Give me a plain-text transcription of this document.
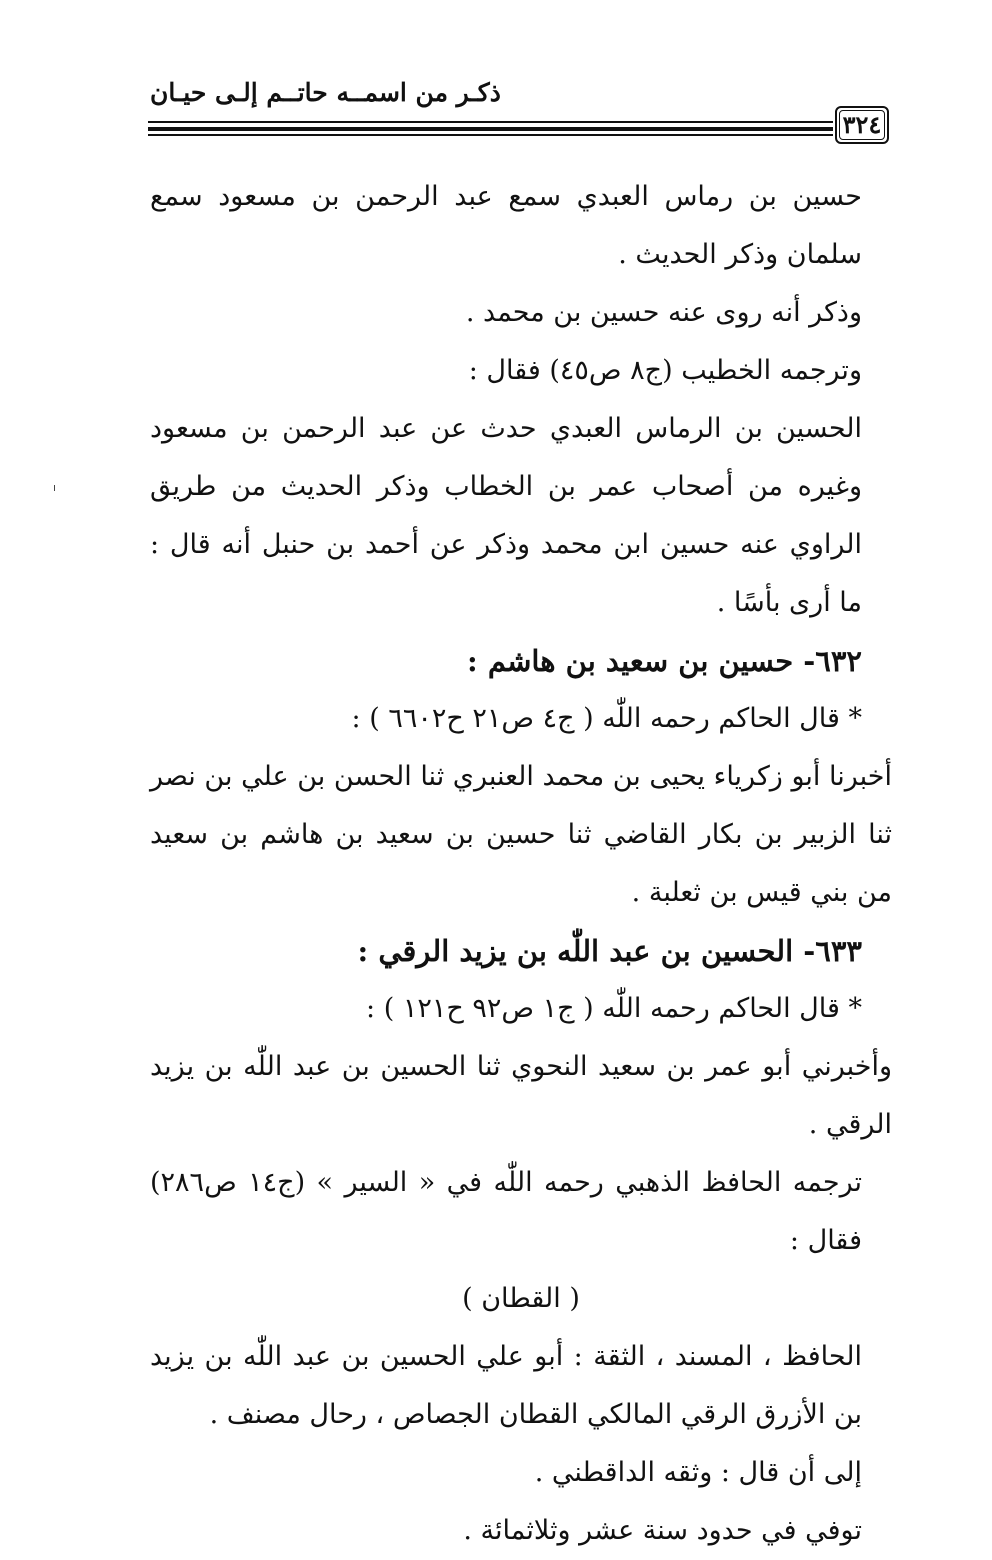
ذكـر من اسمــه حاتــم إلـى حيـان
٣٢٤

حسين بن رماس العبدي سمع عبد الرحمن بن مسعود سمع سلمان وذكر الحديث .

وذكر أنه روى عنه حسين بن محمد .

وترجمه الخطيب (ج٨ ص٤٥) فقال :

الحسين بن الرماس العبدي حدث عن عبد الرحمن بن مسعود وغيره من أصحاب عمر بن الخطاب وذكر الحديث من طريق الراوي عنه حسين ابن محمد وذكر عن أحمد بن حنبل أنه قال : ما أرى بأسًا .

٦٣٢- حسين بن سعيد بن هاشم :

* قال الحاكم رحمه اللّٰه ( ج٤ ص٢١ ح٦٦٠٢ ) :

أخبرنا أبو زكرياء يحيى بن محمد العنبري ثنا الحسن بن علي بن نصر ثنا الزبير بن بكار القاضي ثنا حسين بن سعيد بن هاشم بن سعيد من بني قيس بن ثعلبة .

٦٣٣- الحسين بن عبد اللّٰه بن يزيد الرقي :

* قال الحاكم رحمه اللّٰه ( ج١ ص٩٢ ح١٢١ ) :

وأخبرني أبو عمر بن سعيد النحوي ثنا الحسين بن عبد اللّٰه بن يزيد الرقي .

ترجمه الحافظ الذهبي رحمه اللّٰه في « السير » (ج١٤ ص٢٨٦) فقال :

( القطان )

الحافظ ، المسند ، الثقة : أبو علي الحسين بن عبد اللّٰه بن يزيد بن الأزرق الرقي المالكي القطان الجصاص ، رحال مصنف .

إلى أن قال : وثقه الداقطني .

توفي في حدود سنة عشر وثلاثمائة .
